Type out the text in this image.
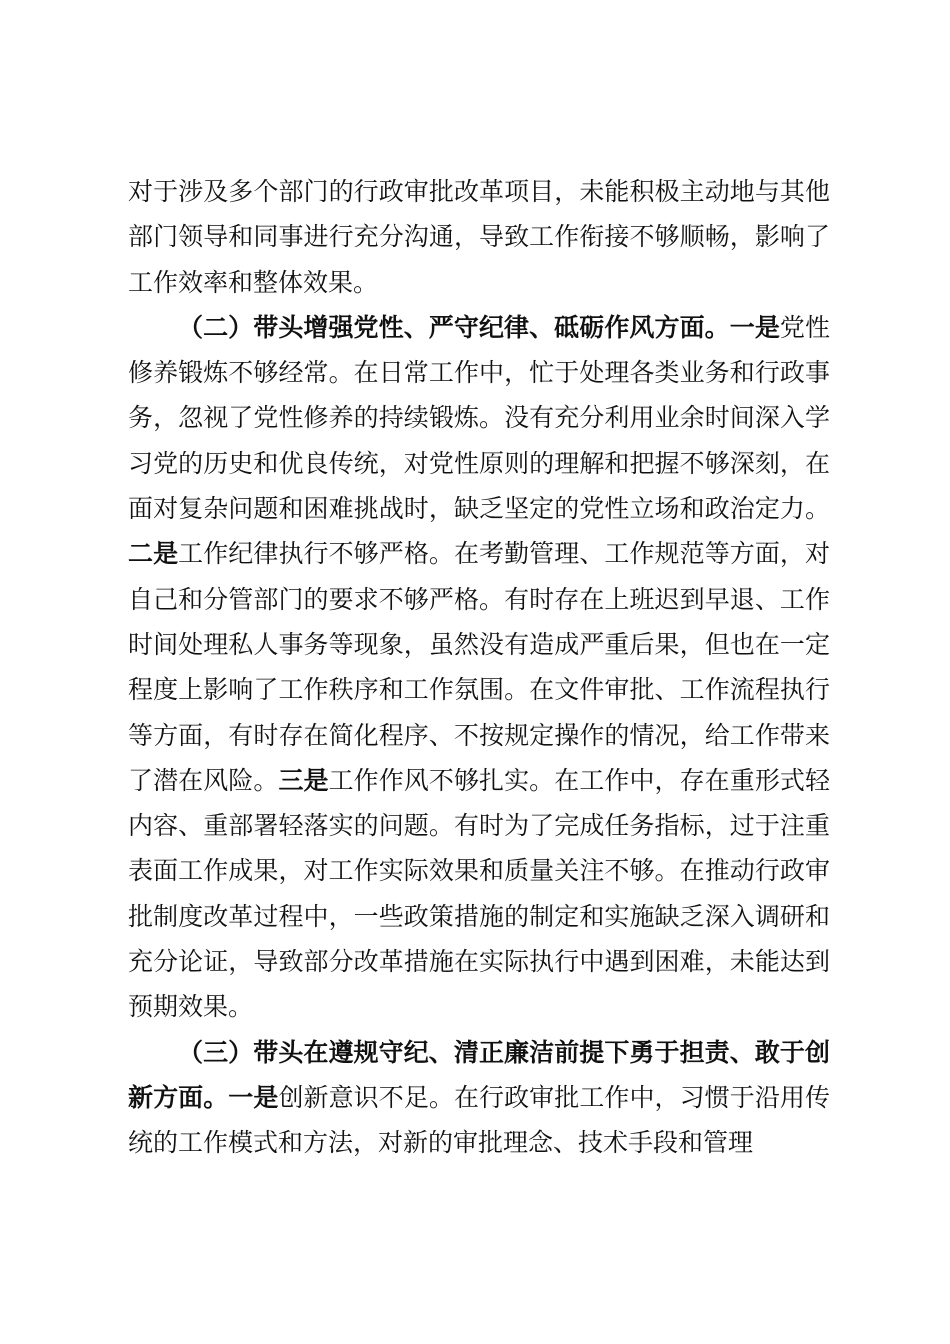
对于涉及多个部门的行政审批改革项目，未能积极主动地与其他部门领导和同事进行充分沟通，导致工作衔接不够顺畅，影响了工作效率和整体效果。

（二）带头增强党性、严守纪律、砥砺作风方面。一是党性修养锻炼不够经常。在日常工作中，忙于处理各类业务和行政事务，忽视了党性修养的持续锻炼。没有充分利用业余时间深入学习党的历史和优良传统，对党性原则的理解和把握不够深刻，在面对复杂问题和困难挑战时，缺乏坚定的党性立场和政治定力。二是工作纪律执行不够严格。在考勤管理、工作规范等方面，对自己和分管部门的要求不够严格。有时存在上班迟到早退、工作时间处理私人事务等现象，虽然没有造成严重后果，但也在一定程度上影响了工作秩序和工作氛围。在文件审批、工作流程执行等方面，有时存在简化程序、不按规定操作的情况，给工作带来了潜在风险。三是工作作风不够扎实。在工作中，存在重形式轻内容、重部署轻落实的问题。有时为了完成任务指标，过于注重表面工作成果，对工作实际效果和质量关注不够。在推动行政审批制度改革过程中，一些政策措施的制定和实施缺乏深入调研和充分论证，导致部分改革措施在实际执行中遇到困难，未能达到预期效果。

（三）带头在遵规守纪、清正廉洁前提下勇于担责、敢于创新方面。一是创新意识不足。在行政审批工作中，习惯于沿用传统的工作模式和方法，对新的审批理念、技术手段和管理
